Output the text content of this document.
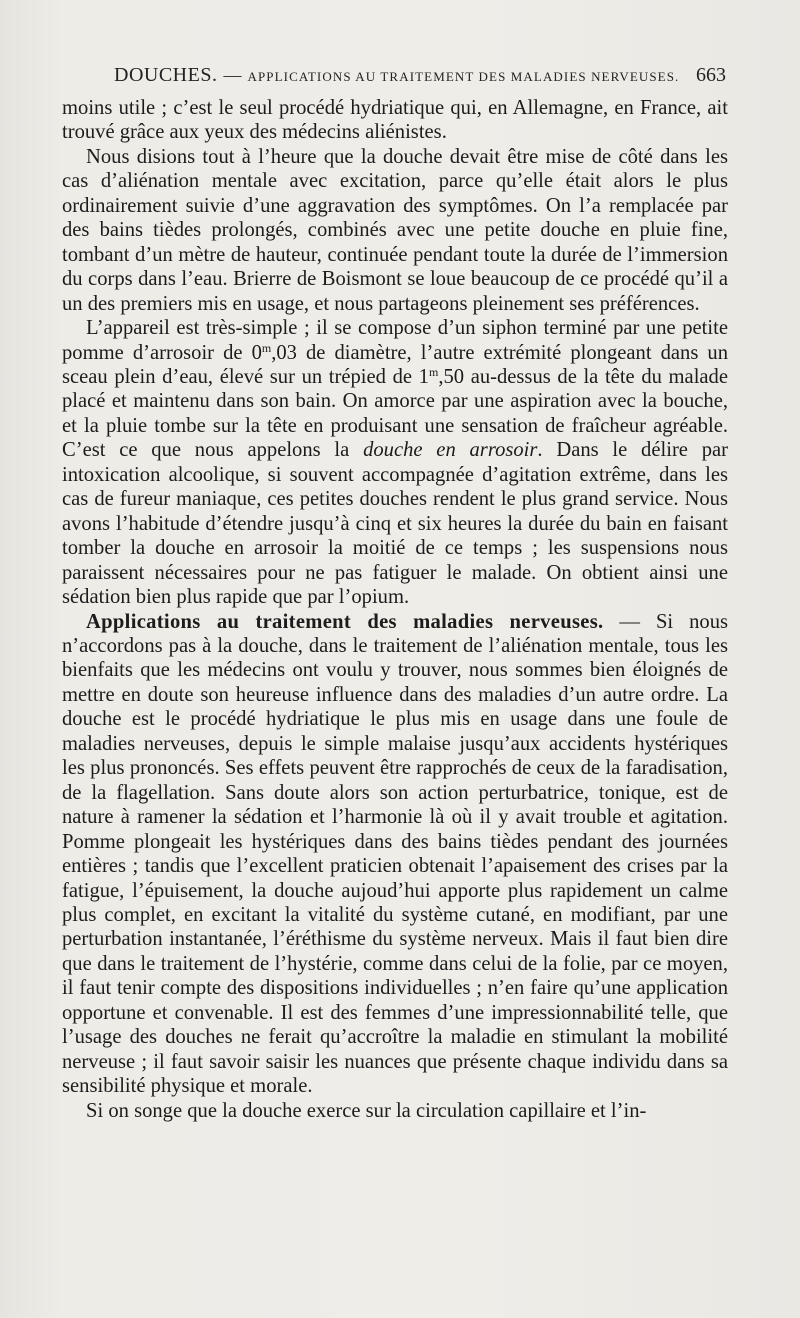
DOUCHES. — APPLICATIONS AU TRAITEMENT DES MALADIES NERVEUSES. 663

moins utile ; c’est le seul procédé hydriatique qui, en Allemagne, en France, ait trouvé grâce aux yeux des médecins aliénistes.

Nous disions tout à l’heure que la douche devait être mise de côté dans les cas d’aliénation mentale avec excitation, parce qu’elle était alors le plus ordinairement suivie d’une aggravation des symptômes. On l’a remplacée par des bains tièdes prolongés, combinés avec une petite douche en pluie fine, tombant d’un mètre de hauteur, continuée pendant toute la durée de l’immersion du corps dans l’eau. Brierre de Boismont se loue beaucoup de ce procédé qu’il a un des premiers mis en usage, et nous partageons pleinement ses préférences.

L’appareil est très-simple ; il se compose d’un siphon terminé par une petite pomme d’arrosoir de 0$^m$,03 de diamètre, l’autre extrémité plongeant dans un sceau plein d’eau, élevé sur un trépied de 1$^m$,50 au-dessus de la tête du malade placé et maintenu dans son bain. On amorce par une aspiration avec la bouche, et la pluie tombe sur la tête en produisant une sensation de fraîcheur agréable. C’est ce que nous appelons la douche en arrosoir. Dans le délire par intoxication alcoolique, si souvent accompagnée d’agitation extrême, dans les cas de fureur maniaque, ces petites douches rendent le plus grand service. Nous avons l’habitude d’étendre jusqu’à cinq et six heures la durée du bain en faisant tomber la douche en arrosoir la moitié de ce temps ; les suspensions nous paraissent nécessaires pour ne pas fatiguer le malade. On obtient ainsi une sédation bien plus rapide que par l’opium.

Applications au traitement des maladies nerveuses. — Si nous n’accordons pas à la douche, dans le traitement de l’aliénation mentale, tous les bienfaits que les médecins ont voulu y trouver, nous sommes bien éloignés de mettre en doute son heureuse influence dans des maladies d’un autre ordre. La douche est le procédé hydriatique le plus mis en usage dans une foule de maladies nerveuses, depuis le simple malaise jusqu’aux accidents hystériques les plus prononcés. Ses effets peuvent être rapprochés de ceux de la faradisation, de la flagellation. Sans doute alors son action perturbatrice, tonique, est de nature à ramener la sédation et l’harmonie là où il y avait trouble et agitation. Pomme plongeait les hystériques dans des bains tièdes pendant des journées entières ; tandis que l’excellent praticien obtenait l’apaisement des crises par la fatigue, l’épuisement, la douche aujoud’hui apporte plus rapidement un calme plus complet, en excitant la vitalité du système cutané, en modifiant, par une perturbation instantanée, l’éréthisme du système nerveux. Mais il faut bien dire que dans le traitement de l’hystérie, comme dans celui de la folie, par ce moyen, il faut tenir compte des dispositions individuelles ; n’en faire qu’une application opportune et convenable. Il est des femmes d’une impressionnabilité telle, que l’usage des douches ne ferait qu’accroître la maladie en stimulant la mobilité nerveuse ; il faut savoir saisir les nuances que présente chaque individu dans sa sensibilité physique et morale.

Si on songe que la douche exerce sur la circulation capillaire et l’in-
